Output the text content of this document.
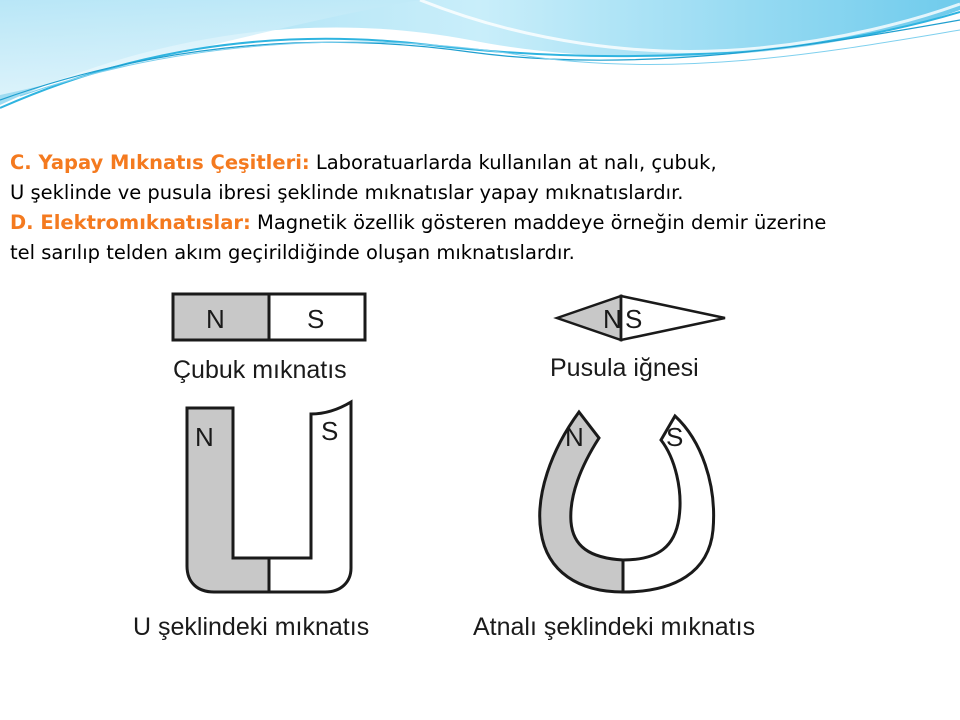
C. Yapay Mıknatıs Çeşitleri: Laboratuarlarda kullanılan at nalı, çubuk,
U şeklinde ve pusula ibresi şeklinde mıknatıslar yapay mıknatıslardır.
D. Elektromıknatıslar: Magnetik özellik gösteren maddeye örneğin demir üzerine
tel sarılıp telden akım geçirildiğinde oluşan mıknatıslardır.
N	S
Çubuk mıknatıs
N S
Pusula iğnesi
N	S
U şeklindeki mıknatıs
N	S
Atnalı şeklindeki mıknatıs
